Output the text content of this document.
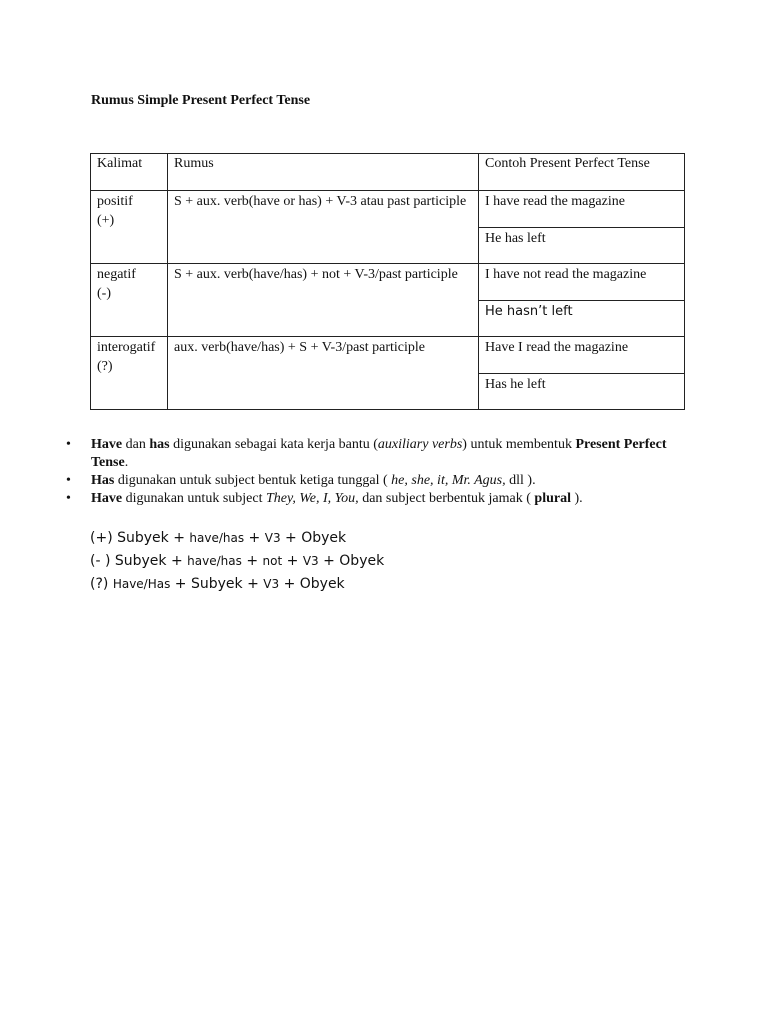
Rumus Simple Present Perfect Tense
Kalimat	Rumus	Contoh Present Perfect Tense

positif
(+)	S + aux. verb(have or has) + V-3 atau past participle	I have read the magazine

		He has left

negatif
(-)	S + aux. verb(have/has) + not + V-3/past participle	I have not read the magazine

		He hasn’t left

interogatif
(?)	aux. verb(have/has) + S + V-3/past participle	Have I read the magazine

		Has he left
• Have dan has digunakan sebagai kata kerja bantu (auxiliary verbs) untuk membentuk Present Perfect Tense.
• Has digunakan untuk subject bentuk ketiga tunggal ( he, she, it, Mr. Agus, dll ).
• Have digunakan untuk subject They, We, I, You, dan subject berbentuk jamak ( plural ).
(+) Subyek + have/has + V3 + Obyek
(- ) Subyek + have/has + not + V3 + Obyek
(?) Have/Has + Subyek + V3 + Obyek
